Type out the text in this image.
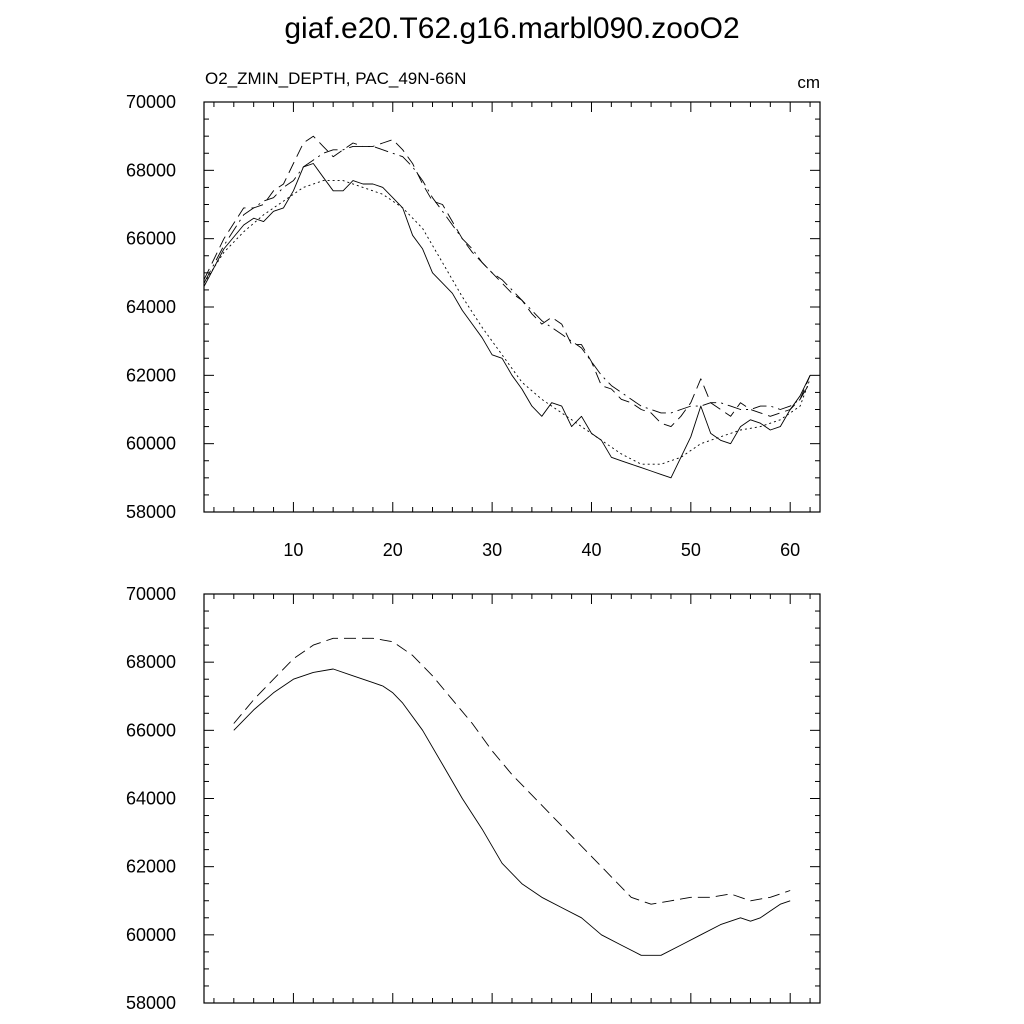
giaf.e20.T62.g16.marbl090.zooO2
O2_ZMIN_DEPTH, PAC_49N-66N	cm
10	20	30	40	50	60
58000
60000
62000
64000
66000
68000
70000
58000
60000
62000
64000
66000
68000
70000
